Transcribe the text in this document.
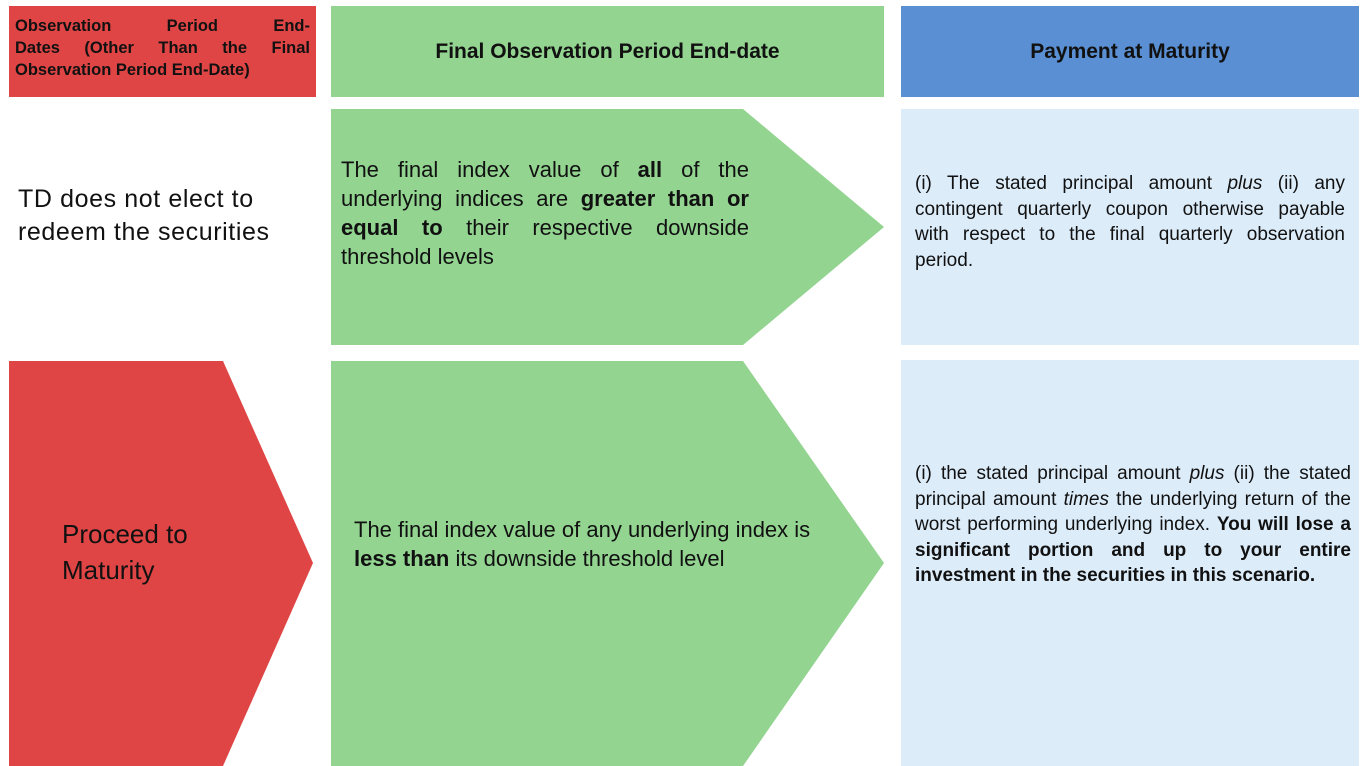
Observation Period End-
Dates (Other Than the Final
Observation Period End-Date)
Final Observation Period End-date	Payment at Maturity
TD does not elect to redeem the securities
The final index value of all of the underlying indices are greater than or equal to their respective downside threshold levels
(i) The stated principal amount plus (ii) any contingent quarterly coupon otherwise payable with respect to the final quarterly observation period.
Proceed to Maturity
The final index value of any underlying index is less than its downside threshold level
(i) the stated principal amount plus (ii) the stated principal amount times the underlying return of the worst performing underlying index. You will lose a significant portion and up to your entire investment in the securities in this scenario.
